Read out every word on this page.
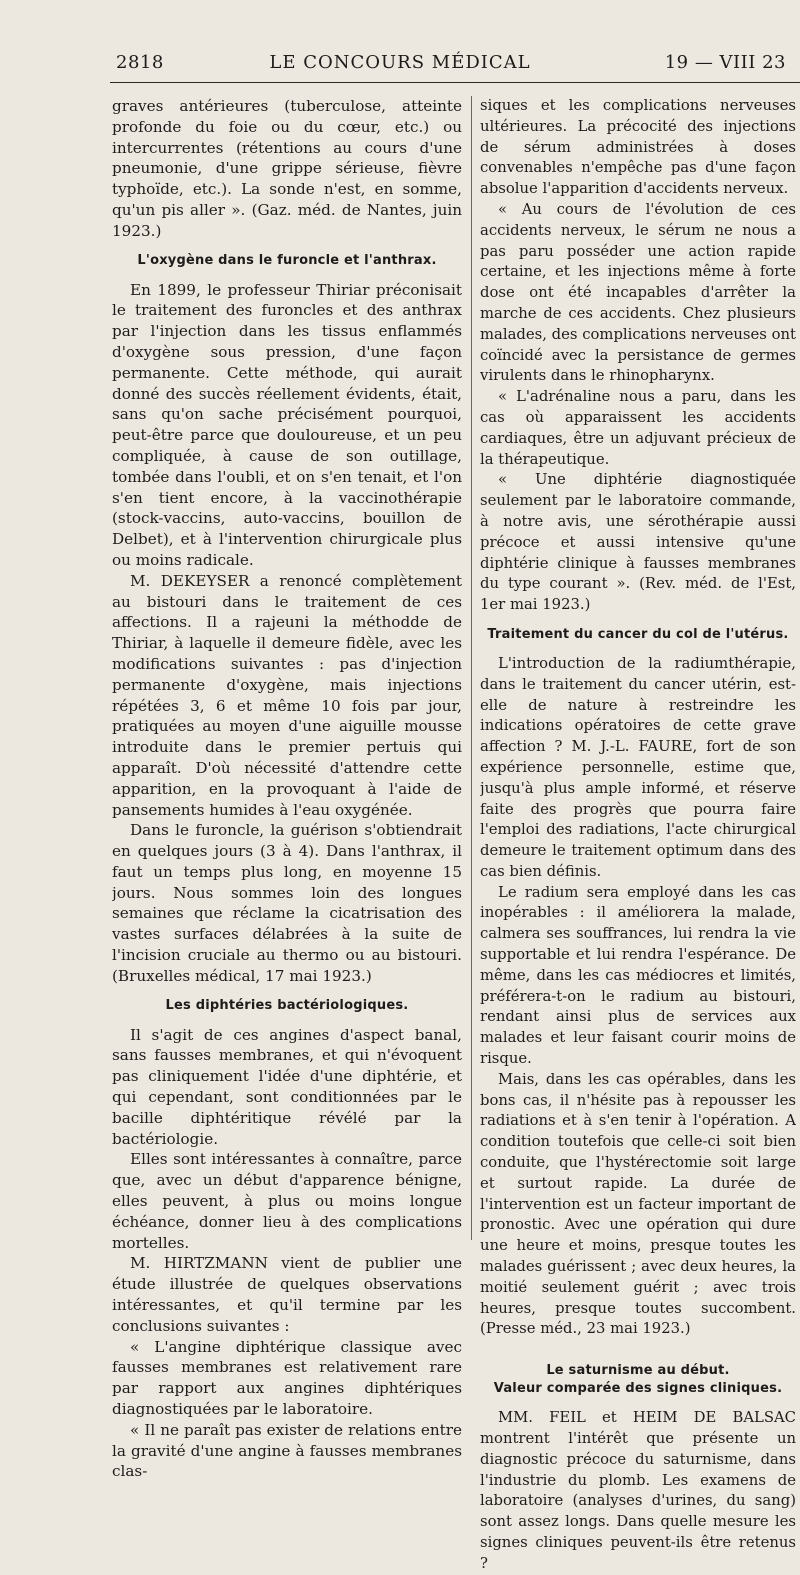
2818	LE CONCOURS MÉDICAL	19 — VIII 23

graves antérieures (tuberculose, atteinte profonde du foie ou du cœur, etc.) ou intercurrentes (rétentions au cours d'une pneumonie, d'une grippe sérieuse, fièvre typhoïde, etc.). La sonde n'est, en somme, qu'un pis aller ». (Gaz. méd. de Nantes, juin 1923.)

L'oxygène dans le furoncle et l'anthrax.

En 1899, le professeur Thiriar préconisait le traitement des furoncles et des anthrax par l'injection dans les tissus enflammés d'oxygène sous pression, d'une façon permanente. Cette méthode, qui aurait donné des succès réellement évidents, était, sans qu'on sache précisément pourquoi, peut-être parce que douloureuse, et un peu compliquée, à cause de son outillage, tombée dans l'oubli, et on s'en tenait, et l'on s'en tient encore, à la vaccinothérapie (stock-vaccins, auto-vaccins, bouillon de Delbet), et à l'intervention chirurgicale plus ou moins radicale.

M. DEKEYSER a renoncé complètement au bistouri dans le traitement de ces affections. Il a rajeuni la méthodde de Thiriar, à laquelle il demeure fidèle, avec les modifications suivantes : pas d'injection permanente d'oxygène, mais injections répétées 3, 6 et même 10 fois par jour, pratiquées au moyen d'une aiguille mousse introduite dans le premier pertuis qui apparaît. D'où nécessité d'attendre cette apparition, en la provoquant à l'aide de pansements humides à l'eau oxygénée.

Dans le furoncle, la guérison s'obtiendrait en quelques jours (3 à 4). Dans l'anthrax, il faut un temps plus long, en moyenne 15 jours. Nous sommes loin des longues semaines que réclame la cicatrisation des vastes surfaces délabrées à la suite de l'incision cruciale au thermo ou au bistouri. (Bruxelles médical, 17 mai 1923.)

Les diphtéries bactériologiques.

Il s'agit de ces angines d'aspect banal, sans fausses membranes, et qui n'évoquent pas cliniquement l'idée d'une diphtérie, et qui cependant, sont conditionnées par le bacille diphtéritique révélé par la bactériologie.

Elles sont intéressantes à connaître, parce que, avec un début d'apparence bénigne, elles peuvent, à plus ou moins longue échéance, donner lieu à des complications mortelles.

M. HIRTZMANN vient de publier une étude illustrée de quelques observations intéressantes, et qu'il termine par les conclusions suivantes :

« L'angine diphtérique classique avec fausses membranes est relativement rare par rapport aux angines diphtériques diagnostiquées par le laboratoire.

« Il ne paraît pas exister de relations entre la gravité d'une angine à fausses membranes clas-

siques et les complications nerveuses ultérieures. La précocité des injections de sérum administrées à doses convenables n'empêche pas d'une façon absolue l'apparition d'accidents nerveux.

« Au cours de l'évolution de ces accidents nerveux, le sérum ne nous a pas paru posséder une action rapide certaine, et les injections même à forte dose ont été incapables d'arrêter la marche de ces accidents. Chez plusieurs malades, des complications nerveuses ont coïncidé avec la persistance de germes virulents dans le rhinopharynx.

« L'adrénaline nous a paru, dans les cas où apparaissent les accidents cardiaques, être un adjuvant précieux de la thérapeutique.

« Une diphtérie diagnostiquée seulement par le laboratoire commande, à notre avis, une sérothérapie aussi précoce et aussi intensive qu'une diphtérie clinique à fausses membranes du type courant ». (Rev. méd. de l'Est, 1er mai 1923.)

Traitement du cancer du col de l'utérus.

L'introduction de la radiumthérapie, dans le traitement du cancer utérin, est-elle de nature à restreindre les indications opératoires de cette grave affection ? M. J.-L. FAURE, fort de son expérience personnelle, estime que, jusqu'à plus ample informé, et réserve faite des progrès que pourra faire l'emploi des radiations, l'acte chirurgical demeure le traitement optimum dans des cas bien définis.

Le radium sera employé dans les cas inopérables : il améliorera la malade, calmera ses souffrances, lui rendra la vie supportable et lui rendra l'espérance. De même, dans les cas médiocres et limités, préférera-t-on le radium au bistouri, rendant ainsi plus de services aux malades et leur faisant courir moins de risque.

Mais, dans les cas opérables, dans les bons cas, il n'hésite pas à repousser les radiations et à s'en tenir à l'opération. A condition toutefois que celle-ci soit bien conduite, que l'hystérectomie soit large et surtout rapide. La durée de l'intervention est un facteur important de pronostic. Avec une opération qui dure une heure et moins, presque toutes les malades guérissent ; avec deux heures, la moitié seulement guérit ; avec trois heures, presque toutes succombent. (Presse méd., 23 mai 1923.)

Le saturnisme au début.
Valeur comparée des signes cliniques.

MM. FEIL et HEIM DE BALSAC montrent l'intérêt que présente un diagnostic précoce du saturnisme, dans l'industrie du plomb. Les examens de laboratoire (analyses d'urines, du sang) sont assez longs. Dans quelle mesure les signes cliniques peuvent-ils être retenus ?
